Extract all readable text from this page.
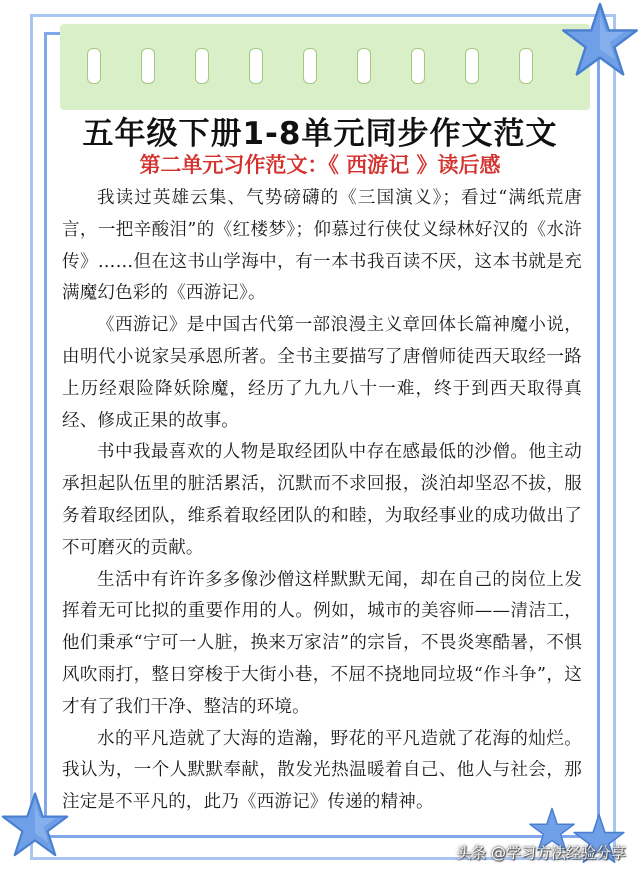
五年级下册1-8单元同步作文范文
第二单元习作范文：《 西游记 》读后感

我读过英雄云集、气势磅礴的《三国演义》；看过“满纸荒唐言，一把辛酸泪”的《红楼梦》；仰慕过行侠仗义绿林好汉的《水浒传》……但在这书山学海中，有一本书我百读不厌，这本书就是充满魔幻色彩的《西游记》。

《西游记》是中国古代第一部浪漫主义章回体长篇神魔小说，由明代小说家吴承恩所著。全书主要描写了唐僧师徒西天取经一路上历经艰险降妖除魔，经历了九九八十一难，终于到西天取得真经、修成正果的故事。

书中我最喜欢的人物是取经团队中存在感最低的沙僧。他主动承担起队伍里的脏活累活，沉默而不求回报，淡泊却坚忍不拔，服务着取经团队，维系着取经团队的和睦，为取经事业的成功做出了不可磨灭的贡献。

生活中有许许多多像沙僧这样默默无闻，却在自己的岗位上发挥着无可比拟的重要作用的人。例如，城市的美容师——清洁工，他们秉承“宁可一人脏，换来万家洁”的宗旨，不畏炎寒酷暑，不惧风吹雨打，整日穿梭于大街小巷，不屈不挠地同垃圾“作斗争”，这才有了我们干净、整洁的环境。

水的平凡造就了大海的造瀚，野花的平凡造就了花海的灿烂。我认为，一个人默默奉献，散发光热温暖着自己、他人与社会，那注定是不平凡的，此乃《西游记》传递的精神。

头条 @学习方法经验分享
